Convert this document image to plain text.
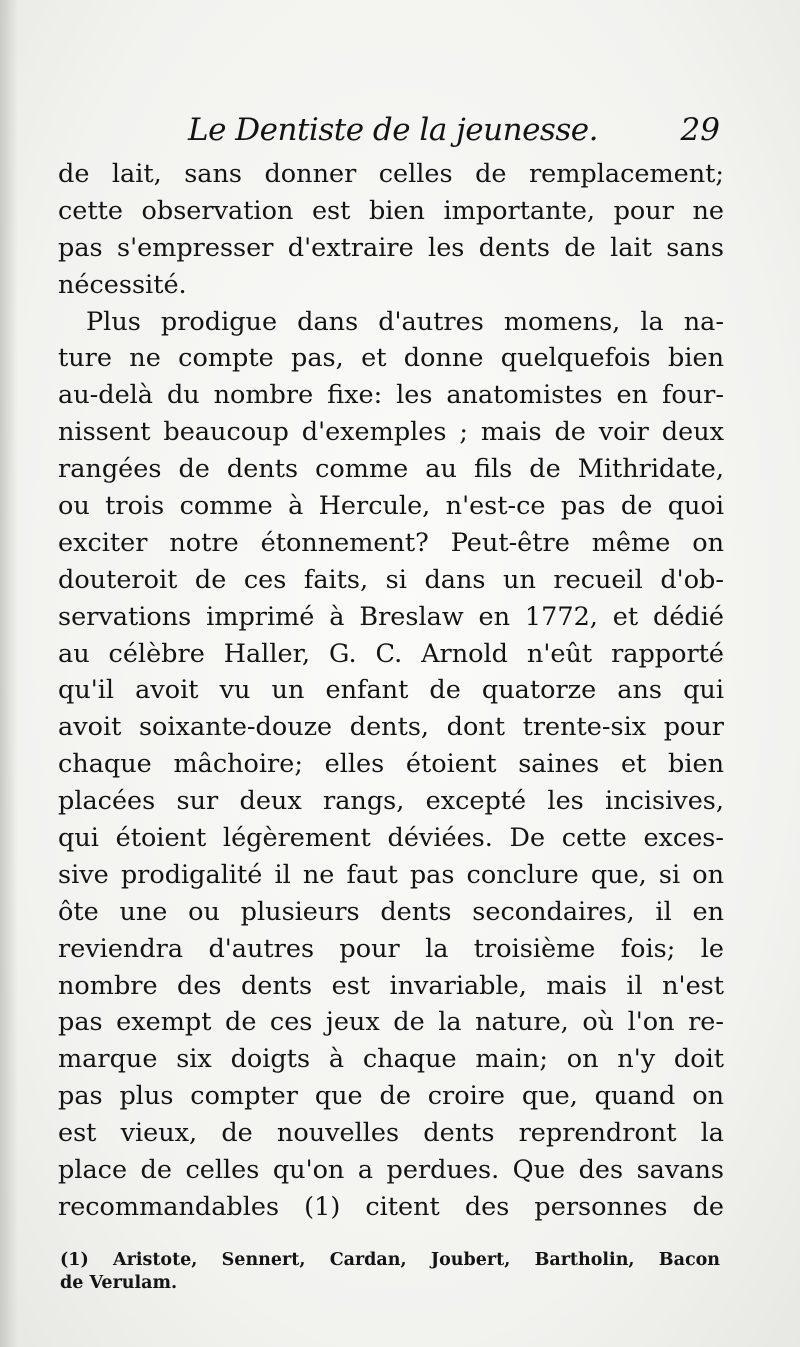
Le Dentiste de la jeunesse.	29
de lait, sans donner celles de remplacement;
cette observation est bien importante, pour ne
pas s'empresser d'extraire les dents de lait sans
nécessité.
Plus prodigue dans d'autres momens, la na-
ture ne compte pas, et donne quelquefois bien
au-delà du nombre fixe: les anatomistes en four-
nissent beaucoup d'exemples ; mais de voir deux
rangées de dents comme au fils de Mithridate,
ou trois comme à Hercule, n'est-ce pas de quoi
exciter notre étonnement? Peut-être même on
douteroit de ces faits, si dans un recueil d'ob-
servations imprimé à Breslaw en 1772, et dédié
au célèbre Haller, G. C. Arnold n'eût rapporté
qu'il avoit vu un enfant de quatorze ans qui
avoit soixante-douze dents, dont trente-six pour
chaque mâchoire; elles étoient saines et bien
placées sur deux rangs, excepté les incisives,
qui étoient légèrement déviées. De cette exces-
sive prodigalité il ne faut pas conclure que, si on
ôte une ou plusieurs dents secondaires, il en
reviendra d'autres pour la troisième fois; le
nombre des dents est invariable, mais il n'est
pas exempt de ces jeux de la nature, où l'on re-
marque six doigts à chaque main; on n'y doit
pas plus compter que de croire que, quand on
est vieux, de nouvelles dents reprendront la
place de celles qu'on a perdues. Que des savans
recommandables (1) citent des personnes de
(1) Aristote, Sennert, Cardan, Joubert, Bartholin, Bacon
de Verulam.
